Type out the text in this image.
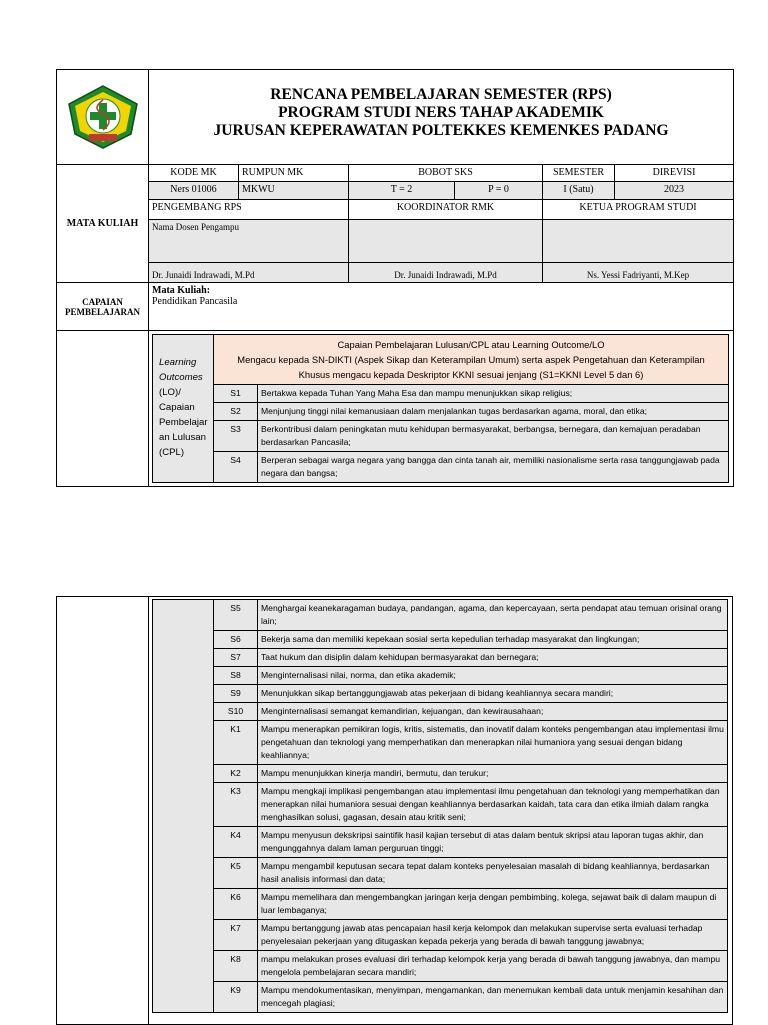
RENCANA PEMBELAJARAN SEMESTER (RPS)
PROGRAM STUDI NERS TAHAP AKADEMIK
JURUSAN KEPERAWATAN POLTEKKES KEMENKES PADANG

MATA KULIAH	KODE MK	RUMPUN MK	BOBOT SKS	SEMESTER	DIREVISI
Ners 01006	MKWU	T = 2	P = 0	I (Satu)	2023
PENGEMBANG RPS	KOORDINATOR RMK	KETUA PROGRAM STUDI
Nama Dosen Pengampu		
Dr. Junaidi Indrawadi, M.Pd	Dr. Junaidi Indrawadi, M.Pd	Ns. Yessi Fadriyanti, M.Kep

CAPAIAN
PEMBELAJARAN

Mata Kuliah:
Pendidikan Pancasila

Learning
Outcomes
(LO)/
Capaian
Pembelajar
an Lulusan
(CPL)

Capaian Pembelajaran Lulusan/CPL atau Learning Outcome/LO
Mengacu kepada SN-DIKTI (Aspek Sikap dan Keterampilan Umum) serta aspek Pengetahuan dan Keterampilan
Khusus mengacu kepada Deskriptor KKNI sesuai jenjang (S1=KKNI Level 5 dan 6)

S1	Bertakwa kepada Tuhan Yang Maha Esa dan mampu menunjukkan sikap religius;
S2	Menjunjung tinggi nilai kemanusiaan dalam menjalankan tugas berdasarkan agama, moral, dan etika;
S3	Berkontribusi dalam peningkatan mutu kehidupan bermasyarakat, berbangsa, bernegara, dan kemajuan peradaban berdasarkan Pancasila;
S4	Berperan sebagai warga negara yang bangga dan cinta tanah air, memiliki nasionalisme serta rasa tanggungjawab pada negara dan bangsa;

	S5	Menghargai keanekaragaman budaya, pandangan, agama, dan kepercayaan, serta pendapat atau temuan orisinal orang lain;
S6	Bekerja sama dan memiliki kepekaan sosial serta kepedulian terhadap masyarakat dan lingkungan;
S7	Taat hukum dan disiplin dalam kehidupan bermasyarakat dan bernegara;
S8	Menginternalisasi nilai, norma, dan etika akademik;
S9	Menunjukkan sikap bertanggungjawab atas pekerjaan di bidang keahliannya secara mandiri;
S10	Menginternalisasi semangat kemandirian, kejuangan, dan kewirausahaan;
K1	Mampu menerapkan pemikiran logis, kritis, sistematis, dan inovatif dalam konteks pengembangan atau implementasi ilmu pengetahuan dan teknologi yang memperhatikan dan menerapkan nilai humaniora yang sesuai dengan bidang keahliannya;
K2	Mampu menunjukkan kinerja mandiri, bermutu, dan terukur;
K3	Mampu mengkaji implikasi pengembangan atau implementasi ilmu pengetahuan dan teknologi yang memperhatikan dan menerapkan nilai humaniora sesuai dengan keahliannya berdasarkan kaidah, tata cara dan etika ilmiah dalam rangka menghasilkan solusi, gagasan, desain atau kritik seni;
K4	Mampu menyusun dekskripsi saintifik hasil kajian tersebut di atas dalam bentuk skripsi atau laporan tugas akhir, dan mengunggahnya dalam laman perguruan tinggi;
K5	Mampu mengambil keputusan secara tepat dalam konteks penyelesaian masalah di bidang keahliannya, berdasarkan hasil analisis informasi dan data;
K6	Mampu memelihara dan mengembangkan jaringan kerja dengan pembimbing, kolega, sejawat baik di dalam maupun di luar lembaganya;
K7	Mampu bertanggung jawab atas pencapaian hasil kerja kelompok dan melakukan supervise serta evaluasi terhadap penyelesaian pekerjaan yang ditugaskan kepada pekerja yang berada di bawah tanggung jawabnya;
K8	mampu melakukan proses evaluasi diri terhadap kelompok kerja yang berada di bawah tanggung jawabnya, dan mampu mengelola pembelajaran secara mandiri;
K9	Mampu mendokumentasikan, menyimpan, mengamankan, dan menemukan kembali data untuk menjamin kesahihan dan mencegah plagiasi;
